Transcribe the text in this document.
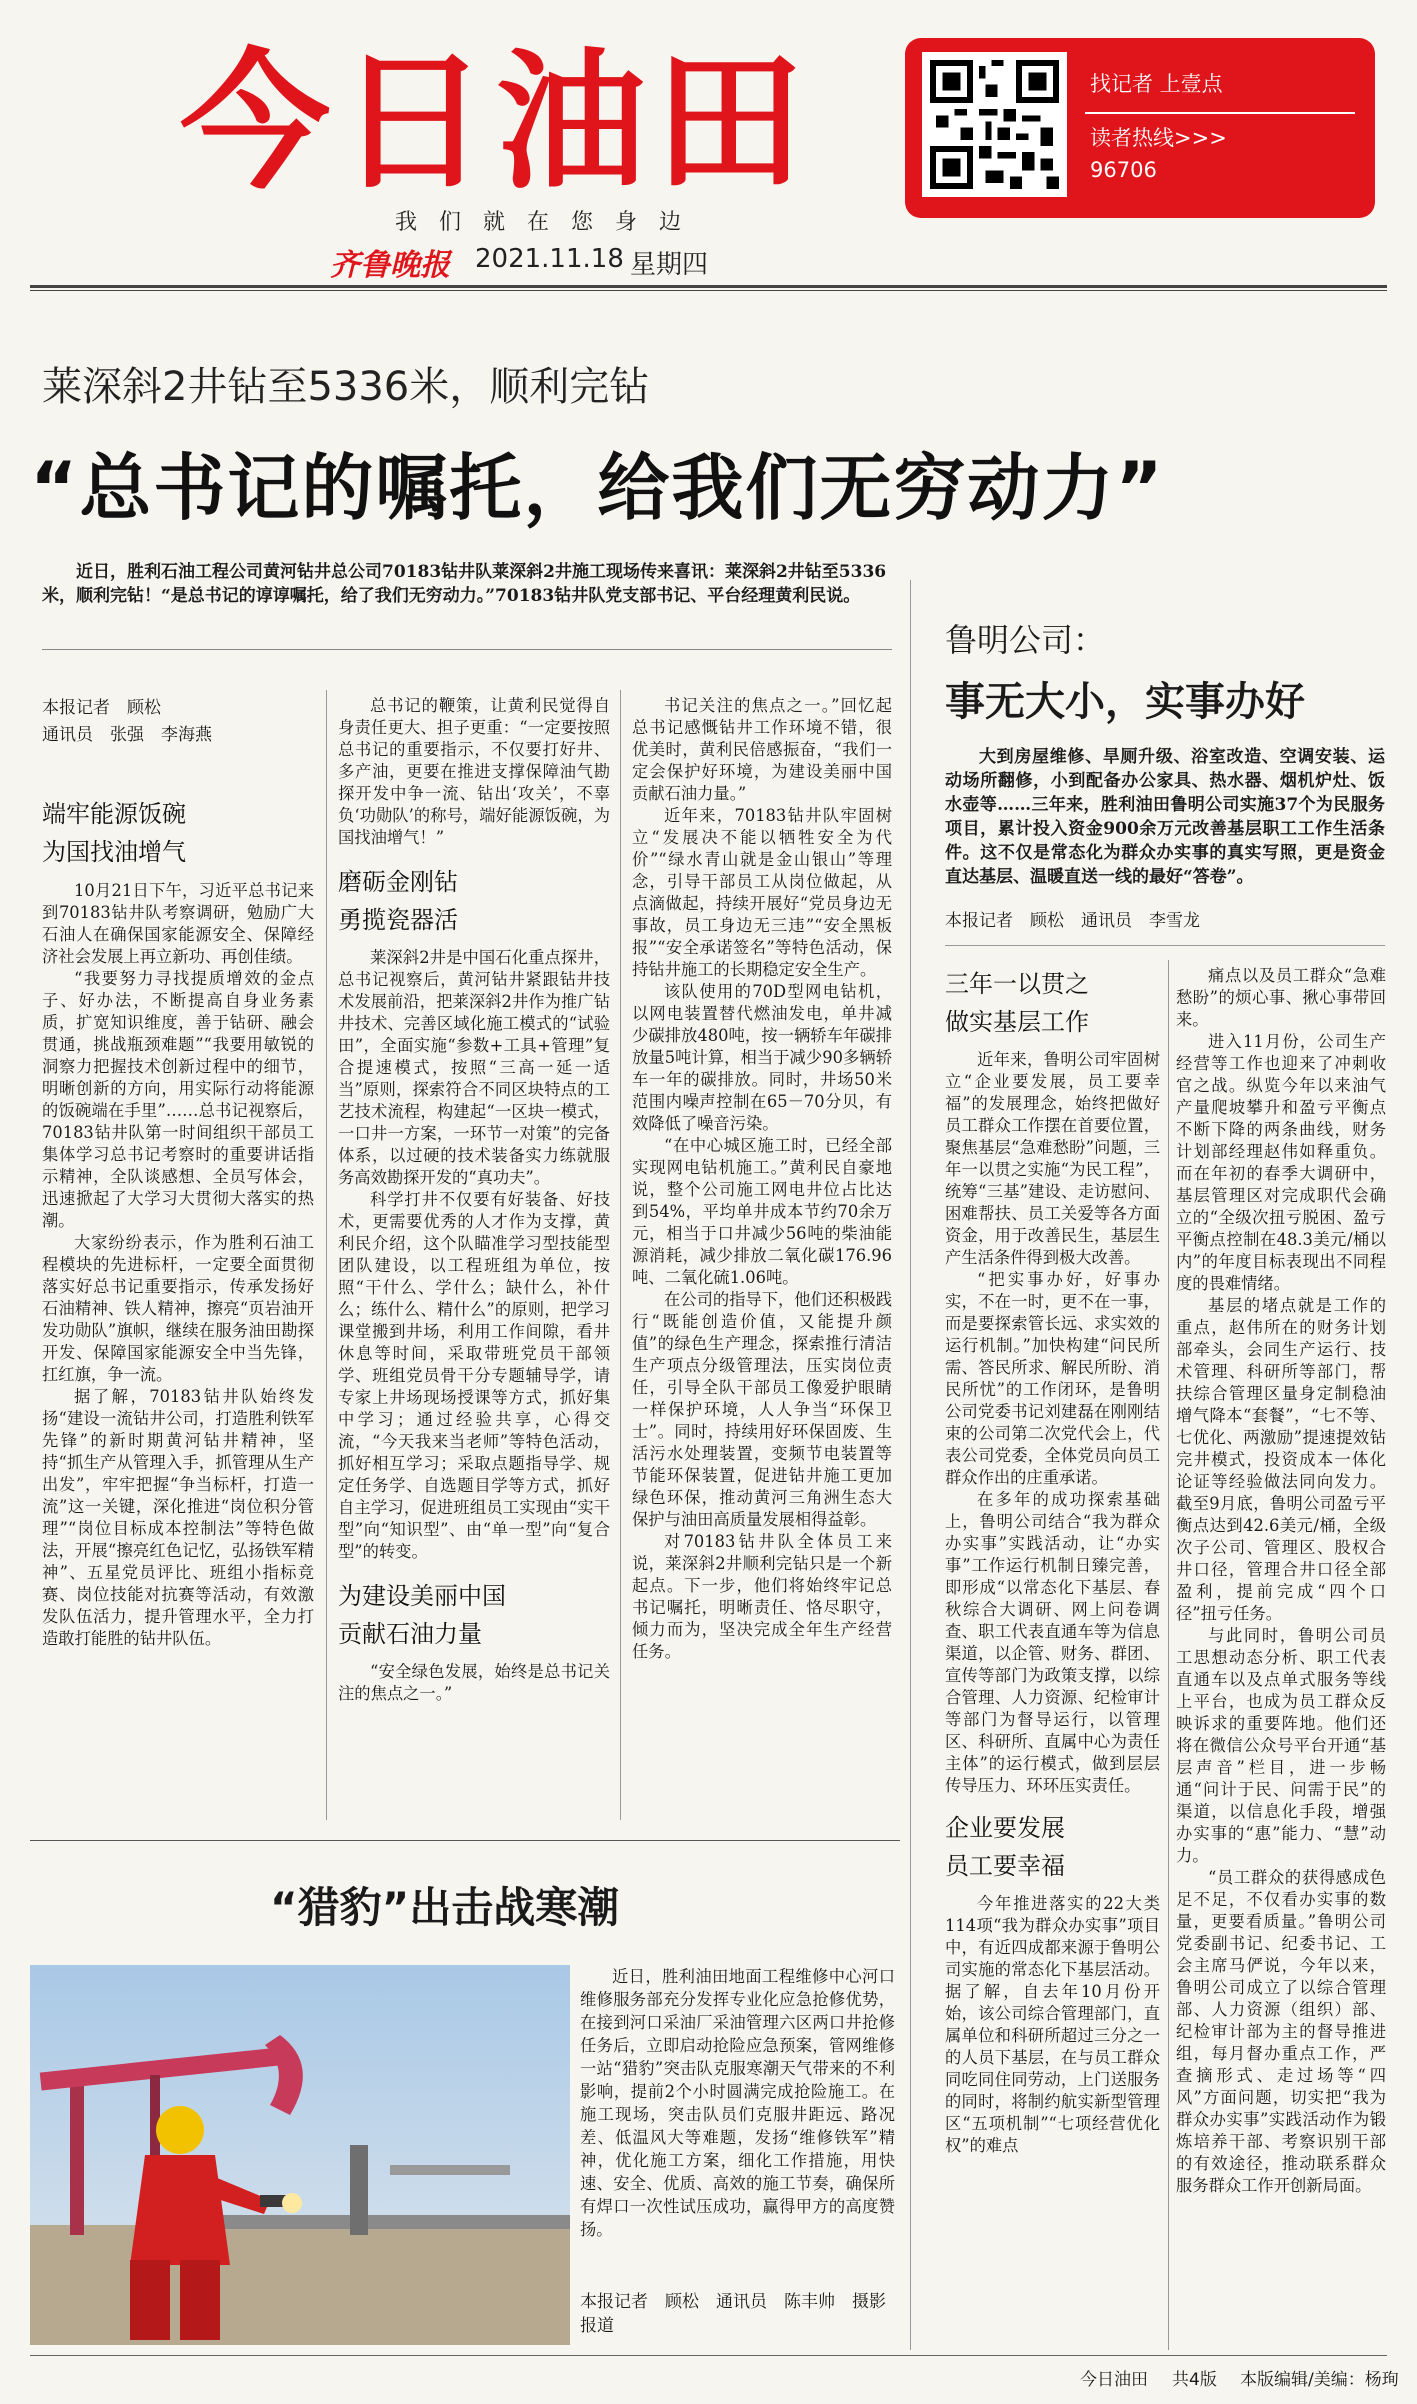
今日油田
我们就在您身边
齐鲁晚报 2021.11.18 星期四
找记者 上壹点
读者热线>>>
96706
莱深斜2井钻至5336米，顺利完钻
“总书记的嘱托，给我们无穷动力”
近日，胜利石油工程公司黄河钻井总公司70183钻井队莱深斜2井施工现场传来喜讯：莱深斜2井钻至5336米，顺利完钻！“是总书记的谆谆嘱托，给了我们无穷动力。”70183钻井队党支部书记、平台经理黄利民说。
本报记者　顾松
通讯员　张强　李海燕
端牢能源饭碗
为国找油增气

10月21日下午，习近平总书记来到70183钻井队考察调研，勉励广大石油人在确保国家能源安全、保障经济社会发展上再立新功、再创佳绩。

“我要努力寻找提质增效的金点子、好办法，不断提高自身业务素质，扩宽知识维度，善于钻研、融会贯通，挑战瓶颈难题”“我要用敏锐的洞察力把握技术创新过程中的细节，明晰创新的方向，用实际行动将能源的饭碗端在手里”……总书记视察后，70183钻井队第一时间组织干部员工集体学习总书记考察时的重要讲话指示精神，全队谈感想、全员写体会，迅速掀起了大学习大贯彻大落实的热潮。

大家纷纷表示，作为胜利石油工程模块的先进标杆，一定要全面贯彻落实好总书记重要指示，传承发扬好石油精神、铁人精神，擦亮“页岩油开发功勋队”旗帜，继续在服务油田勘探开发、保障国家能源安全中当先锋，扛红旗，争一流。

据了解，70183钻井队始终发扬“建设一流钻井公司，打造胜利铁军先锋”的新时期黄河钻井精神，坚持“抓生产从管理入手，抓管理从生产出发”，牢牢把握“争当标杆，打造一流”这一关键，深化推进“岗位积分管理”“岗位目标成本控制法”等特色做法，开展“擦亮红色记忆，弘扬铁军精神”、五星党员评比、班组小指标竞赛、岗位技能对抗赛等活动，有效激发队伍活力，提升管理水平，全力打造敢打能胜的钻井队伍。

总书记的鞭策，让黄利民觉得自身责任更大、担子更重：“一定要按照总书记的重要指示，不仅要打好井、多产油，更要在推进支撑保障油气勘探开发中争一流、钻出‘攻关’，不辜负‘功勋队’的称号，端好能源饭碗，为国找油增气！”

磨砺金刚钻
勇揽瓷器活

莱深斜2井是中国石化重点探井，总书记视察后，黄河钻井紧跟钻井技术发展前沿，把莱深斜2井作为推广钻井技术、完善区域化施工模式的“试验田”，全面实施“参数+工具+管理”复合提速模式，按照“三高一延一适当”原则，探索符合不同区块特点的工艺技术流程，构建起“一区块一模式，一口井一方案，一环节一对策”的完备体系，以过硬的技术装备实力练就服务高效勘探开发的“真功夫”。

科学打井不仅要有好装备、好技术，更需要优秀的人才作为支撑，黄利民介绍，这个队瞄准学习型技能型团队建设，以工程班组为单位，按照“干什么、学什么；缺什么，补什么；练什么、精什么”的原则，把学习课堂搬到井场，利用工作间隙，看井休息等时间，采取带班党员干部领学、班组党员骨干分专题辅导学，请专家上井场现场授课等方式，抓好集中学习；通过经验共享，心得交流，“今天我来当老师”等特色活动，抓好相互学习；采取点题指导学、规定任务学、自选题目学等方式，抓好自主学习，促进班组员工实现由“实干型”向“知识型”、由“单一型”向“复合型”的转变。

为建设美丽中国
贡献石油力量

“安全绿色发展，始终是总书记关注的焦点之一。”

书记关注的焦点之一。”回忆起总书记感慨钻井工作环境不错，很优美时，黄利民倍感振奋，“我们一定会保护好环境，为建设美丽中国贡献石油力量。”

近年来，70183钻井队牢固树立“发展决不能以牺牲安全为代价”“绿水青山就是金山银山”等理念，引导干部员工从岗位做起，从点滴做起，持续开展好“党员身边无事故，员工身边无三违”“安全黑板报”“安全承诺签名”等特色活动，保持钻井施工的长期稳定安全生产。

该队使用的70D型网电钻机，以网电装置替代燃油发电，单井减少碳排放480吨，按一辆轿车年碳排放量5吨计算，相当于减少90多辆轿车一年的碳排放。同时，井场50米范围内噪声控制在65－70分贝，有效降低了噪音污染。

“在中心城区施工时，已经全部实现网电钻机施工。”黄利民自豪地说，整个公司施工网电井位占比达到54%，平均单井成本节约70余万元，相当于口井减少56吨的柴油能源消耗，减少排放二氧化碳176.96吨、二氧化硫1.06吨。

在公司的指导下，他们还积极践行“既能创造价值，又能提升颜值”的绿色生产理念，探索推行清洁生产项点分级管理法，压实岗位责任，引导全队干部员工像爱护眼睛一样保护环境，人人争当“环保卫士”。同时，持续用好环保固废、生活污水处理装置，变频节电装置等节能环保装置，促进钻井施工更加绿色环保，推动黄河三角洲生态大保护与油田高质量发展相得益彰。

对70183钻井队全体员工来说，莱深斜2井顺利完钻只是一个新起点。下一步，他们将始终牢记总书记嘱托，明晰责任、恪尽职守，倾力而为，坚决完成全年生产经营任务。

鲁明公司：
事无大小，实事办好
大到房屋维修、旱厕升级、浴室改造、空调安装、运动场所翻修，小到配备办公家具、热水器、烟机炉灶、饭水壶等……三年来，胜利油田鲁明公司实施37个为民服务项目，累计投入资金900余万元改善基层职工工作生活条件。这不仅是常态化为群众办实事的真实写照，更是资金直达基层、温暖直送一线的最好“答卷”。
本报记者　顾松　通讯员　李雪龙
三年一以贯之
做实基层工作

近年来，鲁明公司牢固树立“企业要发展，员工要幸福”的发展理念，始终把做好员工群众工作摆在首要位置，聚焦基层“急难愁盼”问题，三年一以贯之实施“为民工程”，统筹“三基”建设、走访慰问、困难帮扶、员工关爱等各方面资金，用于改善民生，基层生产生活条件得到极大改善。

“把实事办好，好事办实，不在一时，更不在一事，而是要探索管长远、求实效的运行机制。”加快构建“问民所需、答民所求、解民所盼、消民所忧”的工作闭环，是鲁明公司党委书记刘建磊在刚刚结束的公司第二次党代会上，代表公司党委，全体党员向员工群众作出的庄重承诺。

在多年的成功探索基础上，鲁明公司结合“我为群众办实事”实践活动，让“办实事”工作运行机制日臻完善，即形成“以常态化下基层、春秋综合大调研、网上问卷调查、职工代表直通车等为信息渠道，以企管、财务、群团、宣传等部门为政策支撑，以综合管理、人力资源、纪检审计等部门为督导运行，以管理区、科研所、直属中心为责任主体”的运行模式，做到层层传导压力、环环压实责任。

企业要发展
员工要幸福

今年推进落实的22大类114项“我为群众办实事”项目中，有近四成都来源于鲁明公司实施的常态化下基层活动。据了解，自去年10月份开始，该公司综合管理部门，直属单位和科研所超过三分之一的人员下基层，在与员工群众同吃同住同劳动，上门送服务的同时，将制约航实新型管理区“五项机制”“七项经营优化权”的难点

痛点以及员工群众“急难愁盼”的烦心事、揪心事带回来。

进入11月份，公司生产经营等工作也迎来了冲刺收官之战。纵览今年以来油气产量爬坡攀升和盈亏平衡点不断下降的两条曲线，财务计划部经理赵伟如释重负。而在年初的春季大调研中，基层管理区对完成职代会确立的“全级次扭亏脱困、盈亏平衡点控制在48.3美元/桶以内”的年度目标表现出不同程度的畏难情绪。

基层的堵点就是工作的重点，赵伟所在的财务计划部牵头，会同生产运行、技术管理、科研所等部门，帮扶综合管理区量身定制稳油增气降本“套餐”，“七不等、七优化、两激励”提速提效钻完井模式，投资成本一体化论证等经验做法同向发力。截至9月底，鲁明公司盈亏平衡点达到42.6美元/桶，全级次子公司、管理区、股权合井口径，管理合井口径全部盈利，提前完成“四个口径”扭亏任务。

与此同时，鲁明公司员工思想动态分析、职工代表直通车以及点单式服务等线上平台，也成为员工群众反映诉求的重要阵地。他们还将在微信公众号平台开通“基层声音”栏目，进一步畅通“问计于民、问需于民”的渠道，以信息化手段，增强办实事的“惠”能力、“慧”动力。

“员工群众的获得感成色足不足，不仅看办实事的数量，更要看质量。”鲁明公司党委副书记、纪委书记、工会主席马俨说，今年以来，鲁明公司成立了以综合管理部、人力资源（组织）部、纪检审计部为主的督导推进组，每月督办重点工作，严查摘形式、走过场等“四风”方面问题，切实把“我为群众办实事”实践活动作为锻炼培养干部、考察识别干部的有效途径，推动联系群众服务群众工作开创新局面。

“猎豹”出击战寒潮
近日，胜利油田地面工程维修中心河口维修服务部充分发挥专业化应急抢修优势，在接到河口采油厂采油管理六区两口井抢修任务后，立即启动抢险应急预案，管网维修一站“猎豹”突击队克服寒潮天气带来的不利影响，提前2个小时圆满完成抢险施工。在施工现场，突击队员们克服井距远、路况差、低温风大等难题，发扬“维修铁军”精神，优化施工方案，细化工作措施，用快速、安全、优质、高效的施工节奏，确保所有焊口一次性试压成功，赢得甲方的高度赞扬。
本报记者　顾松　通讯员　陈丰帅　摄影报道
今日油田 共4版 本版编辑/美编：杨珣
